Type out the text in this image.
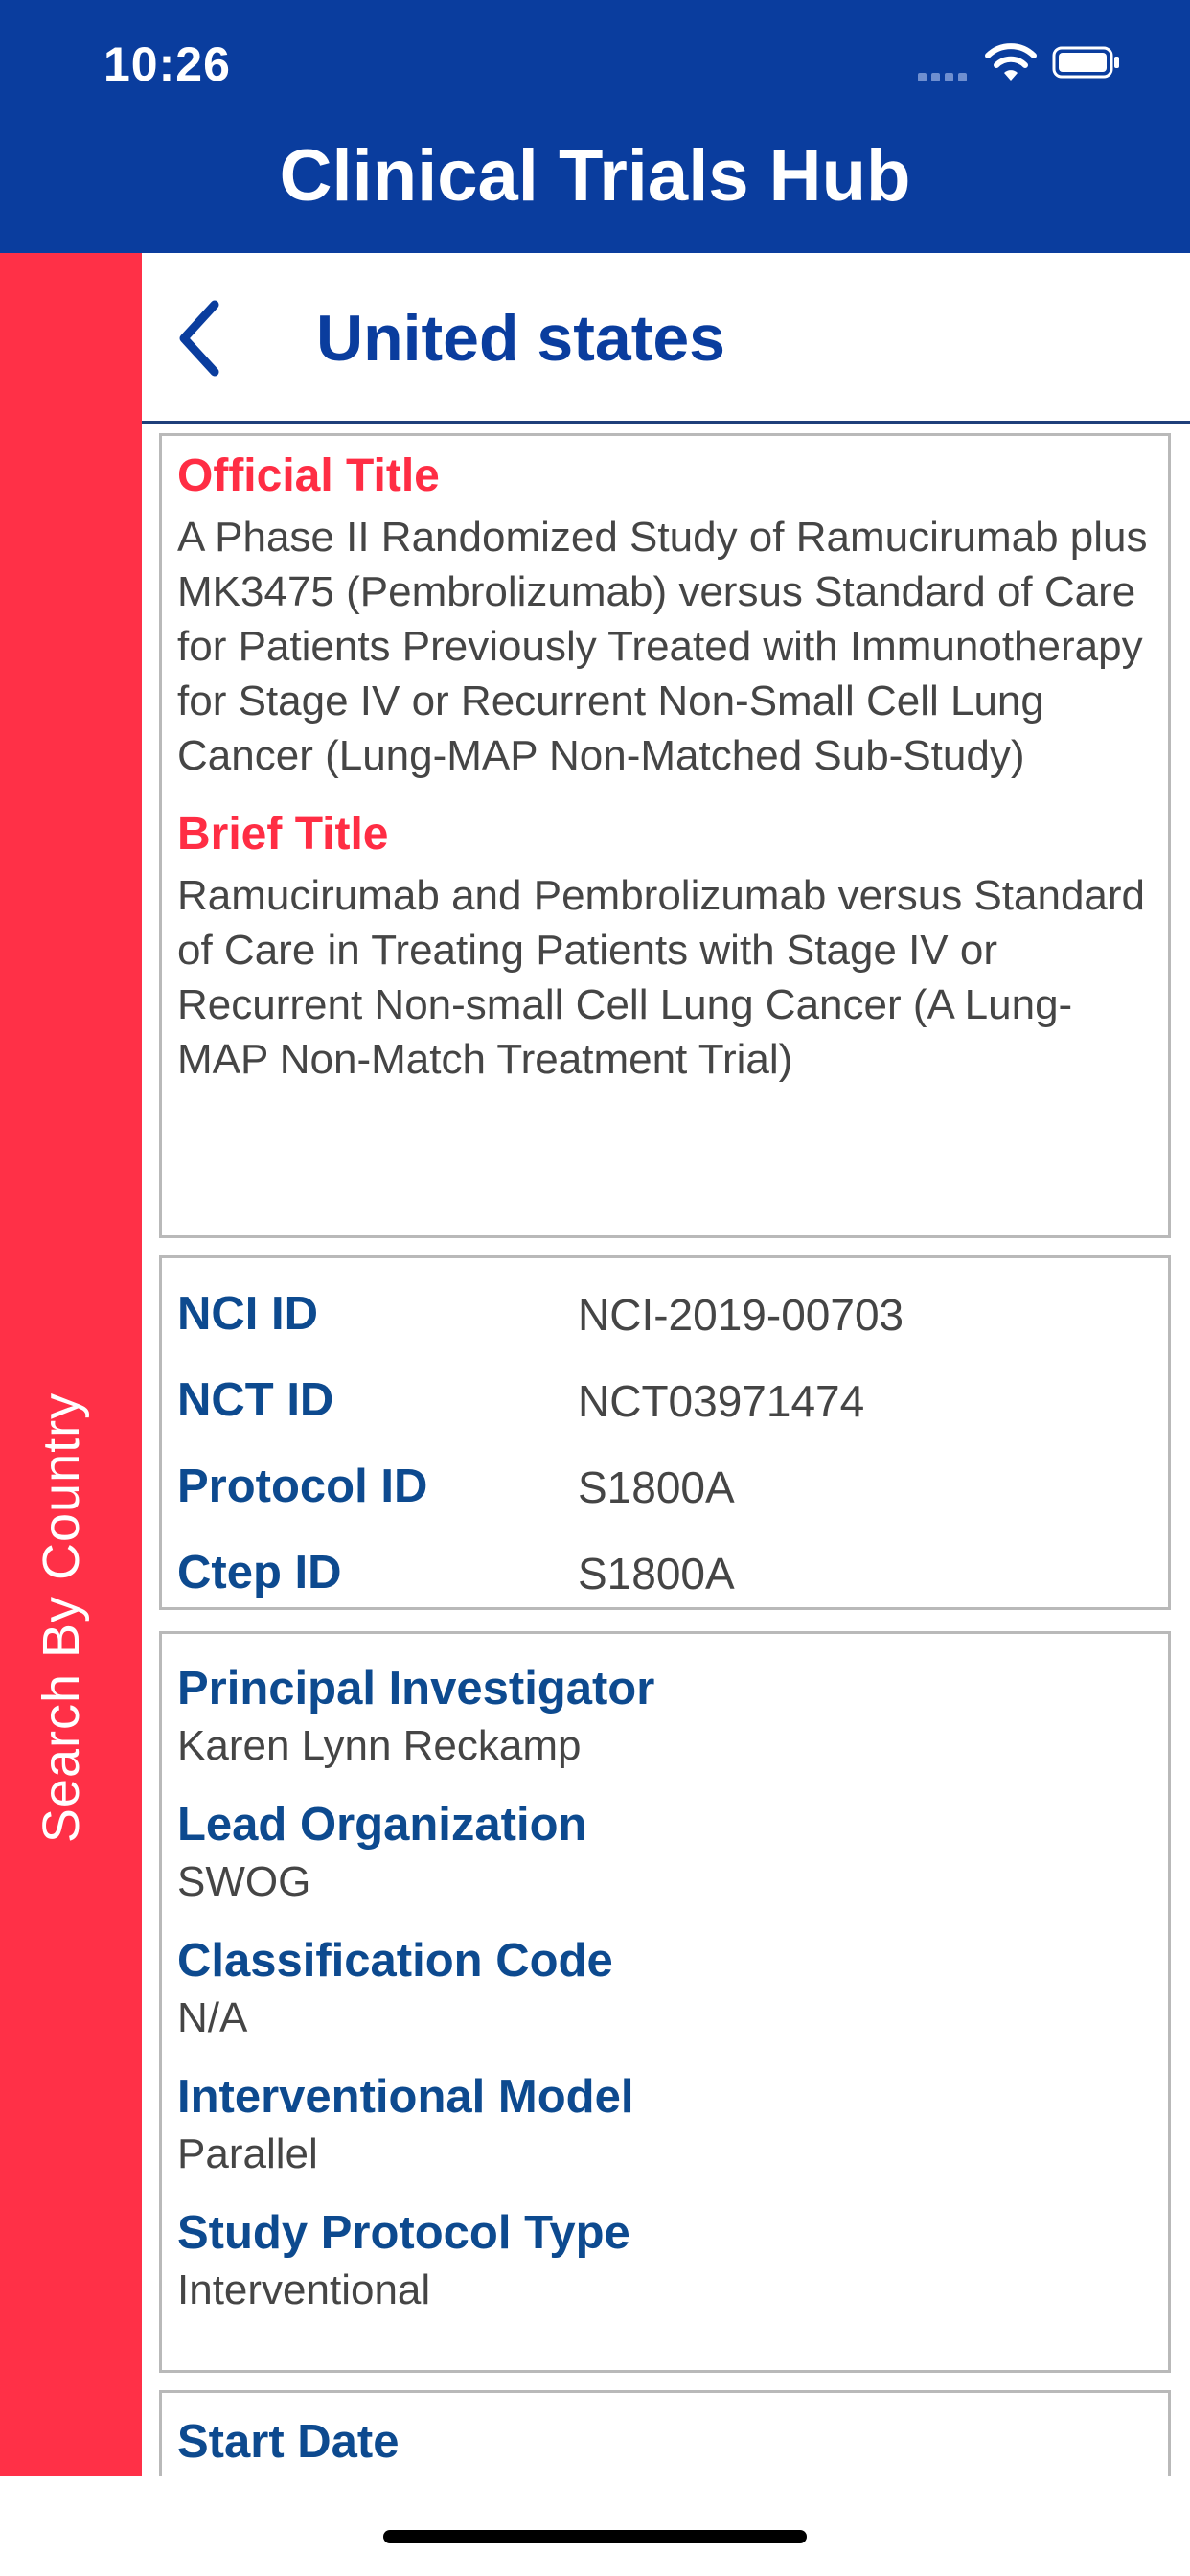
10:26
Clinical Trials Hub
Search By Country
United states
Official Title

A Phase II Randomized Study of Ramucirumab plus MK3475 (Pembrolizumab) versus Standard of Care for Patients Previously Treated with Immunotherapy for Stage IV or Recurrent Non-Small Cell Lung Cancer (Lung-MAP Non-Matched Sub-Study)

Brief Title

Ramucirumab and Pembrolizumab versus Standard of Care in Treating Patients with Stage IV or Recurrent Non-small Cell Lung Cancer (A Lung-MAP Non-Match Treatment Trial)

NCI ID	NCI-2019-00703
NCT ID	NCT03971474
Protocol ID	S1800A
Ctep ID	S1800A
Principal Investigator
Karen Lynn Reckamp
Lead Organization
SWOG
Classification Code
N/A
Interventional Model
Parallel
Study Protocol Type
Interventional
Start Date
